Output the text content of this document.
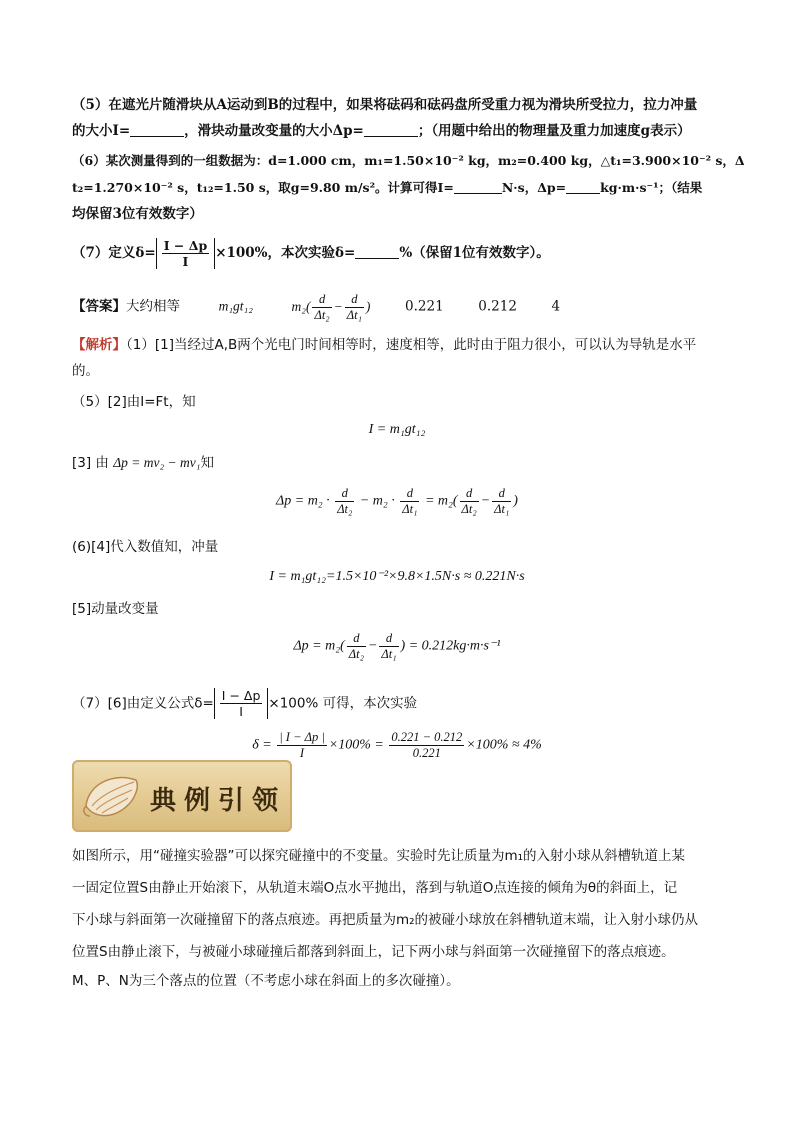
（5）在遮光片随滑块从A运动到B的过程中，如果将砝码和砝码盘所受重力视为滑块所受拉力，拉力冲量
的大小I=	，滑块动量改变量的大小Δp=	；（用题中给出的物理量及重力加速度g表示）
（6）某次测量得到的一组数据为：d=1.000 cm，m₁=1.50×10⁻² kg，m₂=0.400 kg，△t₁=3.900×10⁻² s，Δ
t₂=1.270×10⁻² s，t₁₂=1.50 s，取g=9.80 m/s²。计算可得I=	N·s，Δp=	kg·m·s⁻¹；（结果
均保留3位有效数字）
（7）定义$\delta= \frac{I - \Delta p}{I} \times 100\%$，本次实验δ=	%（保留1位有效数字）。
【答案】大约相等	m₁gt₁₂	$m_2( \frac{d}{\text{Δt₂}} - \frac{d}{\text{Δt₁}}$ )	0.221	0.212	4
【解析】（1）[1]当经过A,B两个光电门时间相等时，速度相等，此时由于阻力很小，可以认为导轨是水平
的。
（5）[2]由I=Ft，知
I = m₁gt₁₂
[3] 由 Δp = mv₂ − mv₁知
$\Delta p = m_2 \cdot \frac{d}{\text{Δt₂}} - m_2 \cdot \frac{d}{\text{Δt₁}} = m_2( \frac{d}{\text{Δt₂}} - \frac{d}{\text{Δt₁}}$ )
(6)[4]代入数值知，冲量
I = m₁gt₁₂=1.5×10⁻²×9.8×1.5N·s ≈ 0.221N·s
[5]动量改变量
$\Delta p = m_2( \frac{d}{\text{Δt₂}} - \frac{d}{\text{Δt₁}}$ ) = 0.212kg·m·s⁻¹
（7）[6]由定义公式$\delta= \frac{I - \Delta p}{I} \times 100\%$ 可得，本次实验
$\delta = \frac{| I - \Delta p |}{I} \times 100\% = \frac{0.221 - 0.212}{0.221} \times 100\% \approx 4\%$
典例引领
如图所示，用“碰撞实验器”可以探究碰撞中的不变量。实验时先让质量为m₁的入射小球从斜槽轨道上某
一固定位置S由静止开始滚下，从轨道末端O点水平抛出，落到与轨道O点连接的倾角为θ的斜面上，记
下小球与斜面第一次碰撞留下的落点痕迹。再把质量为m₂的被碰小球放在斜槽轨道末端，让入射小球仍从
位置S由静止滚下，与被碰小球碰撞后都落到斜面上，记下两小球与斜面第一次碰撞留下的落点痕迹。
M、P、N为三个落点的位置（不考虑小球在斜面上的多次碰撞）。
